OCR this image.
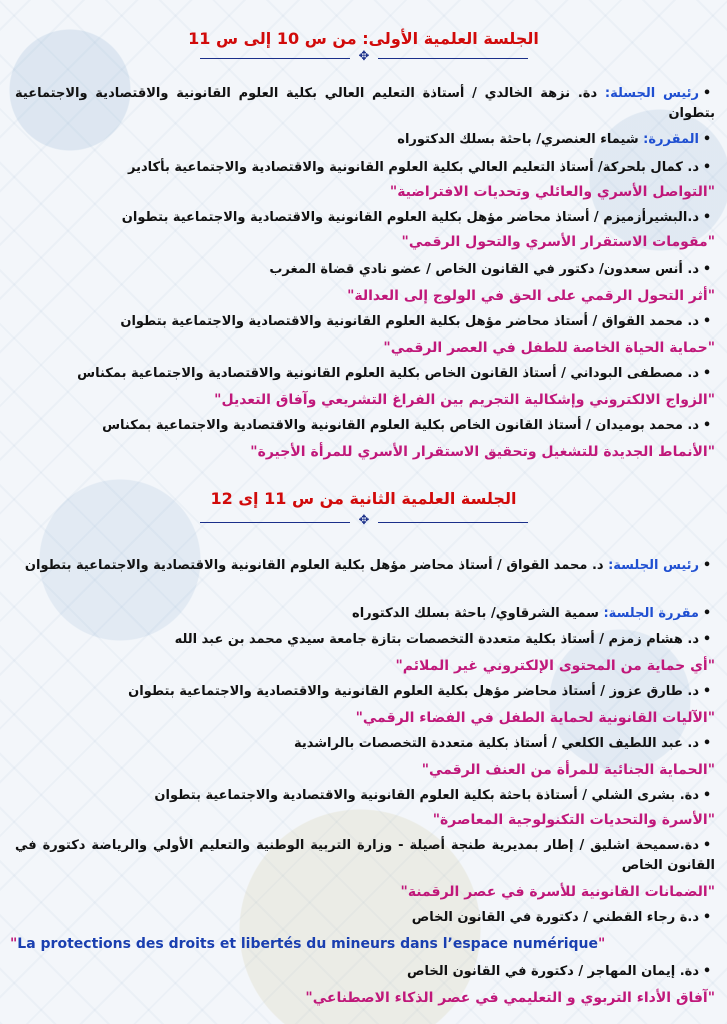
الجلسة العلمية الأولى: من س 10 إلى س 11
✥
•رئيس الجسلة: دة. نزهة الخالدي / أستاذة التعليم العالي بكلية العلوم القانونية والاقتصادية والاجتماعية بتطوان
•المقررة: شيماء العنصري/ باحثة بسلك الدكتوراه
•د. كمال بلحركة/ أستاذ التعليم العالي بكلية العلوم القانونية والاقتصادية والاجتماعية بأكادير
"التواصل الأسري والعائلي وتحديات الافتراضية"
•د.البشيرأزميزم / أستاذ محاضر مؤهل بكلية العلوم القانونية والاقتصادية والاجتماعية بتطوان
"مقومات الاستقرار الأسري والتحول الرقمي"
•د. أنس سعدون/ دكتور في القانون الخاص / عضو نادي قضاة المغرب
"أثر التحول الرقمي على الحق في الولوج إلى العدالة"
•د. محمد القواق / أستاذ محاضر مؤهل بكلية العلوم القانونية والاقتصادية والاجتماعية بتطوان
"حماية الحياة الخاصة للطفل في العصر الرقمي"
•د. مصطفى البوداني / أستاذ القانون الخاص بكلية العلوم القانونية والاقتصادية والاجتماعية بمكناس
"الزواج الالكتروني وإشكالية التجريم بين الفراغ التشريعي وآفاق التعديل"
•د. محمد بوميدان / أستاذ القانون الخاص بكلية العلوم القانونية والاقتصادية والاجتماعية بمكناس
"الأنماط الجديدة للتشغيل وتحقيق الاستقرار الأسري للمرأة الأجيرة"
الجلسة العلمية الثانية من س 11 إى 12
✥
•رئيس الجلسة: د. محمد القواق / أستاذ محاضر مؤهل بكلية العلوم القانونية والاقتصادية والاجتماعية بتطوان
•مقررة الجلسة: سمية الشرقاوي/ باحثة بسلك الدكتوراه
•د. هشام زمزم / أستاذ بكلية متعددة التخصصات بتازة جامعة سيدي محمد بن عبد الله
"أي حماية من المحتوى الإلكتروني غير الملائم"
•د. طارق عزوز / أستاذ محاضر مؤهل بكلية العلوم القانونية والاقتصادية والاجتماعية بتطوان
"الآليات القانونية لحماية الطفل في الفضاء الرقمي"
•د. عبد اللطيف الكلعي / أستاذ بكلية متعددة التخصصات بالراشدية
"الحماية الجنائية للمرأة من العنف الرقمي"
•دة. بشرى الشلي / أستاذة باحثة بكلية العلوم القانونية والاقتصادية والاجتماعية بتطوان
"الأسرة والتحديات التكنولوجية المعاصرة"
•دة.سميحة اشليق / إطار بمديرية طنجة أصيلة - وزارة التربية الوطنية والتعليم الأولي والرياضة دكتورة في القانون الخاص
"الضمانات القانونية للأسرة في عصر الرقمنة"
•د.ة رجاء القطني / دكتورة في القانون الخاص
"La protections des droits et libertés du mineurs dans l’espace numérique"
•دة. إيمان المهاجر / دكتورة في القانون الخاص
"آفاق الأداء التربوي و التعليمي في عصر الذكاء الاصطناعي"
